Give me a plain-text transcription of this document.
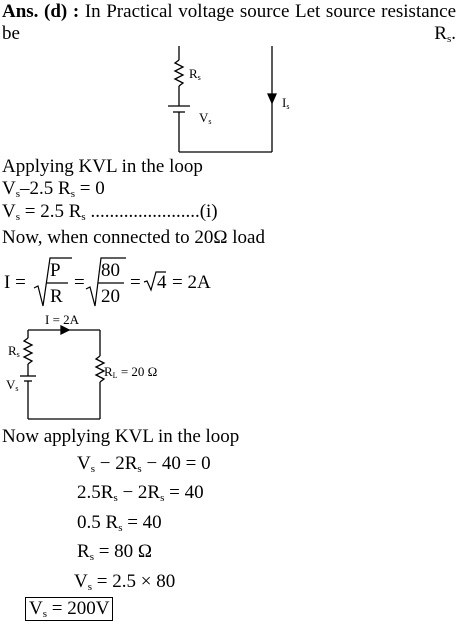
Ans. (d) : In Practical voltage source Let source resistance be $R_s$.
$R_s$
$V_s$
$I_s$
Applying KVL in the loop
$V_s-2.5$ $R_s = 0$
$V_s = 2.5$ $R_s$ .......................(i)
Now, when connected to 20Ω load
I =
P
R
=
80
20
= 4 = 2A
I = 2A
$R_s$
$V_s$
$R_L = 20$ Ω
Now applying KVL in the loop
$V_s - 2R_s - 40 = 0$
$2.5R_s - 2R_s = 40$
0.5 $R_s = 40$
$R_s = 80$ Ω
$V_s = 2.5 \times 80$
$V_s = 200V$
